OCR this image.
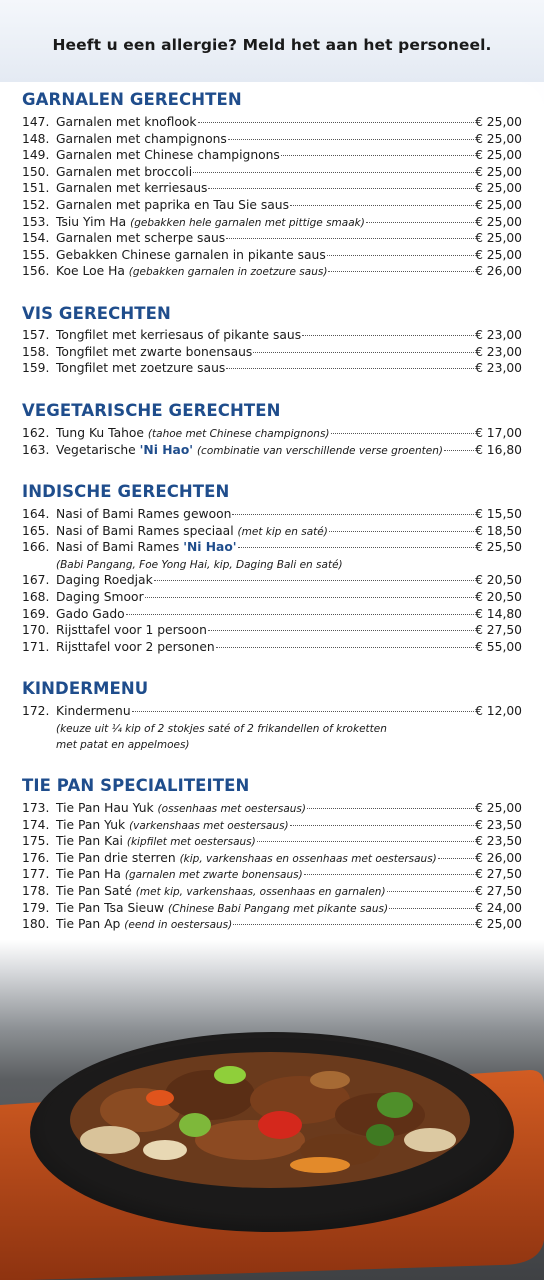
Heeft u een allergie? Meld het aan het personeel.
GARNALEN GERECHTEN
147. Garnalen met knoflook	€ 25,00
148. Garnalen met champignons	€ 25,00
149. Garnalen met Chinese champignons	€ 25,00
150. Garnalen met broccoli	€ 25,00
151. Garnalen met kerriesaus	€ 25,00
152. Garnalen met paprika en Tau Sie saus	€ 25,00
153. Tsiu Yim Ha
(gebakken hele garnalen met pittige smaak)	€ 25,00
154. Garnalen met scherpe saus	€ 25,00
155. Gebakken Chinese garnalen in pikante saus	€ 25,00
156. Koe Loe Ha
(gebakken garnalen in zoetzure saus)	€ 26,00
VIS GERECHTEN
157. Tongfilet met kerriesaus of pikante saus	€ 23,00
158. Tongfilet met zwarte bonensaus	€ 23,00
159. Tongfilet met zoetzure saus	€ 23,00
VEGETARISCHE GERECHTEN
162. Tung Ku Tahoe
(tahoe met Chinese champignons)	€ 17,00
163. Vegetarische
'Ni Hao'
(combinatie van verschillende verse groenten)	€ 16,80
INDISCHE GERECHTEN
164. Nasi of Bami Rames gewoon	€ 15,50
165. Nasi of Bami Rames speciaal
(met kip en saté)	€ 18,50
166. Nasi of Bami Rames
'Ni Hao'	€ 25,50
(Babi Pangang, Foe Yong Hai, kip, Daging Bali en saté)
167. Daging Roedjak	€ 20,50
168. Daging Smoor	€ 20,50
169. Gado Gado	€ 14,80
170. Rijsttafel voor 1 persoon	€ 27,50
171. Rijsttafel voor 2 personen	€ 55,00
KINDERMENU
172. Kindermenu	€ 12,00
(keuze uit ¼ kip of 2 stokjes saté of 2 frikandellen of kroketten
met patat en appelmoes)
TIE PAN SPECIALITEITEN
173. Tie Pan Hau Yuk
(ossenhaas met oestersaus)	€ 25,00
174. Tie Pan Yuk
(varkenshaas met oestersaus)	€ 23,50
175. Tie Pan Kai
(kipfilet met oestersaus)	€ 23,50
176. Tie Pan drie sterren
(kip, varkenshaas en ossenhaas met oestersaus)	€ 26,00
177. Tie Pan Ha
(garnalen met zwarte bonensaus)	€ 27,50
178. Tie Pan Saté
(met kip, varkenshaas, ossenhaas en garnalen)	€ 27,50
179. Tie Pan Tsa Sieuw
(Chinese Babi Pangang met pikante saus)	€ 24,00
180. Tie Pan Ap
(eend in oestersaus)	€ 25,00
